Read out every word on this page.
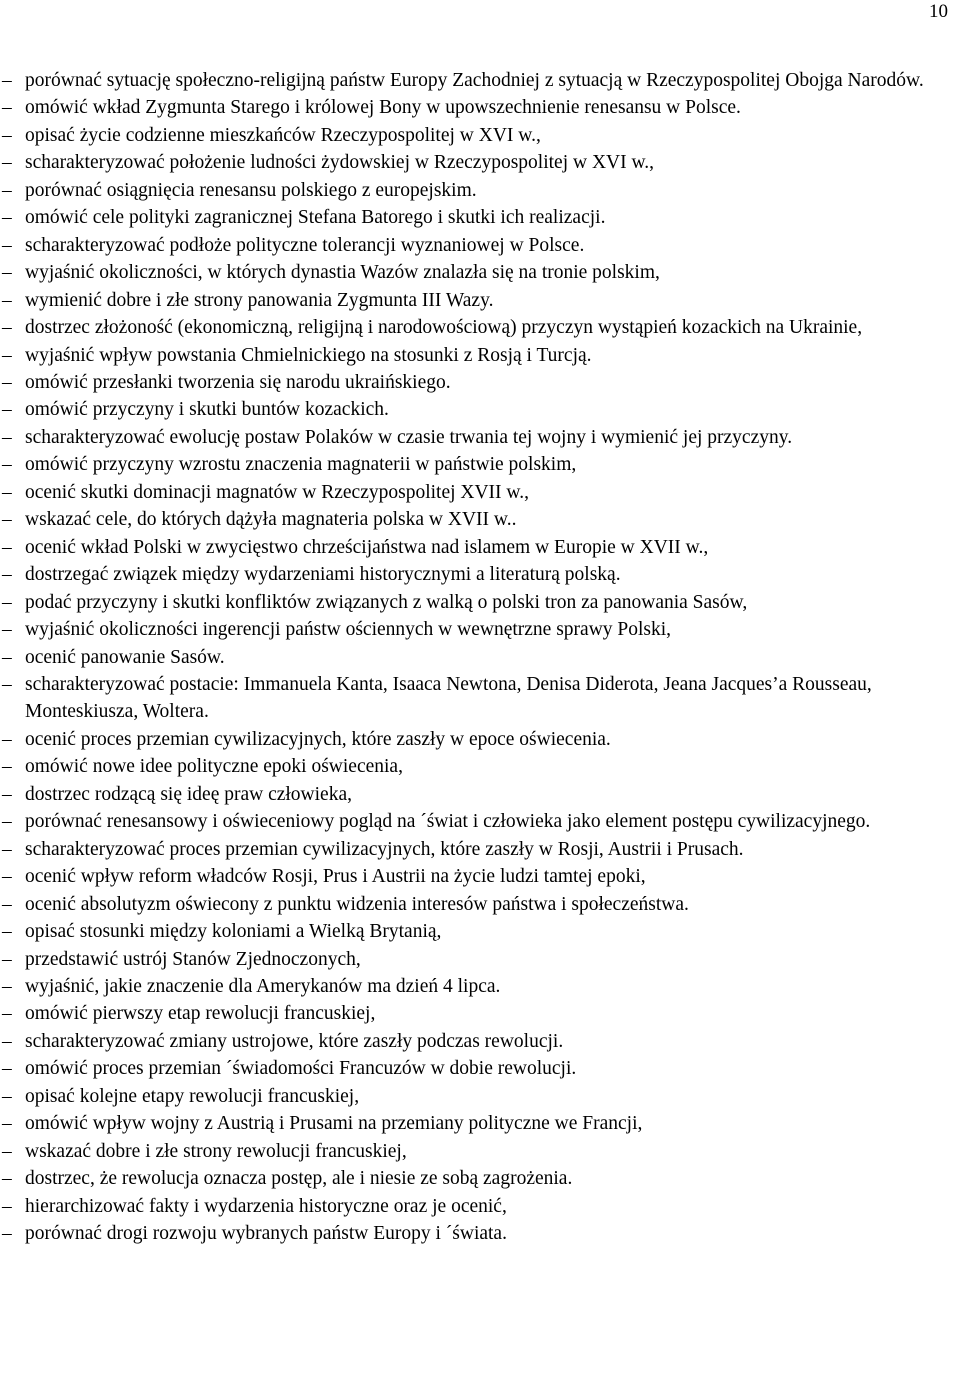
10
– porównać sytuację społeczno-religijną państw Europy Zachodniej z sytuacją w Rzeczypospolitej Obojga Narodów.
– omówić wkład Zygmunta Starego i królowej Bony w upowszechnienie renesansu w Polsce.
– opisać życie codzienne mieszkańców Rzeczypospolitej w XVI w.,
– scharakteryzować położenie ludności żydowskiej w Rzeczypospolitej w XVI w.,
– porównać osiągnięcia renesansu polskiego z europejskim.
– omówić cele polityki zagranicznej Stefana Batorego i skutki ich realizacji.
– scharakteryzować podłoże polityczne tolerancji wyznaniowej w Polsce.
– wyjaśnić okoliczności, w których dynastia Wazów znalazła się na tronie polskim,
– wymienić dobre i złe strony panowania Zygmunta III Wazy.
– dostrzec złożoność (ekonomiczną, religijną i narodowościową) przyczyn wystąpień kozackich na Ukrainie,
– wyjaśnić wpływ powstania Chmielnickiego na stosunki z Rosją i Turcją.
– omówić przesłanki tworzenia się narodu ukraińskiego.
– omówić przyczyny i skutki buntów kozackich.
– scharakteryzować ewolucję postaw Polaków w czasie trwania tej wojny i wymienić jej przyczyny.
– omówić przyczyny wzrostu znaczenia magnaterii w państwie polskim,
– ocenić skutki dominacji magnatów w Rzeczypospolitej XVII w.,
– wskazać cele, do których dążyła magnateria polska w XVII w..
– ocenić wkład Polski w zwycięstwo chrześcijaństwa nad islamem w Europie w XVII w.,
– dostrzegać związek między wydarzeniami historycznymi a literaturą polską.
– podać przyczyny i skutki konfliktów związanych z walką o polski tron za panowania Sasów,
– wyjaśnić okoliczności ingerencji państw ościennych w wewnętrzne sprawy Polski,
– ocenić panowanie Sasów.
– scharakteryzować postacie: Immanuela Kanta, Isaaca Newtona, Denisa Diderota, Jeana Jacques’a Rousseau, Monteskiusza, Woltera.
– ocenić proces przemian cywilizacyjnych, które zaszły w epoce oświecenia.
– omówić nowe idee polityczne epoki oświecenia,
– dostrzec rodzącą się ideę praw człowieka,
– porównać renesansowy i oświeceniowy pogląd na ´świat i człowieka jako element postępu cywilizacyjnego.
– scharakteryzować proces przemian cywilizacyjnych, które zaszły w Rosji, Austrii i Prusach.
– ocenić wpływ reform władców Rosji, Prus i Austrii na życie ludzi tamtej epoki,
– ocenić absolutyzm oświecony z punktu widzenia interesów państwa i społeczeństwa.
– opisać stosunki między koloniami a Wielką Brytanią,
– przedstawić ustrój Stanów Zjednoczonych,
– wyjaśnić, jakie znaczenie dla Amerykanów ma dzień 4 lipca.
– omówić pierwszy etap rewolucji francuskiej,
– scharakteryzować zmiany ustrojowe, które zaszły podczas rewolucji.
– omówić proces przemian ´świadomości Francuzów w dobie rewolucji.
– opisać kolejne etapy rewolucji francuskiej,
– omówić wpływ wojny z Austrią i Prusami na przemiany polityczne we Francji,
– wskazać dobre i złe strony rewolucji francuskiej,
– dostrzec, że rewolucja oznacza postęp, ale i niesie ze sobą zagrożenia.
– hierarchizować fakty i wydarzenia historyczne oraz je ocenić,
– porównać drogi rozwoju wybranych państw Europy i ´świata.
